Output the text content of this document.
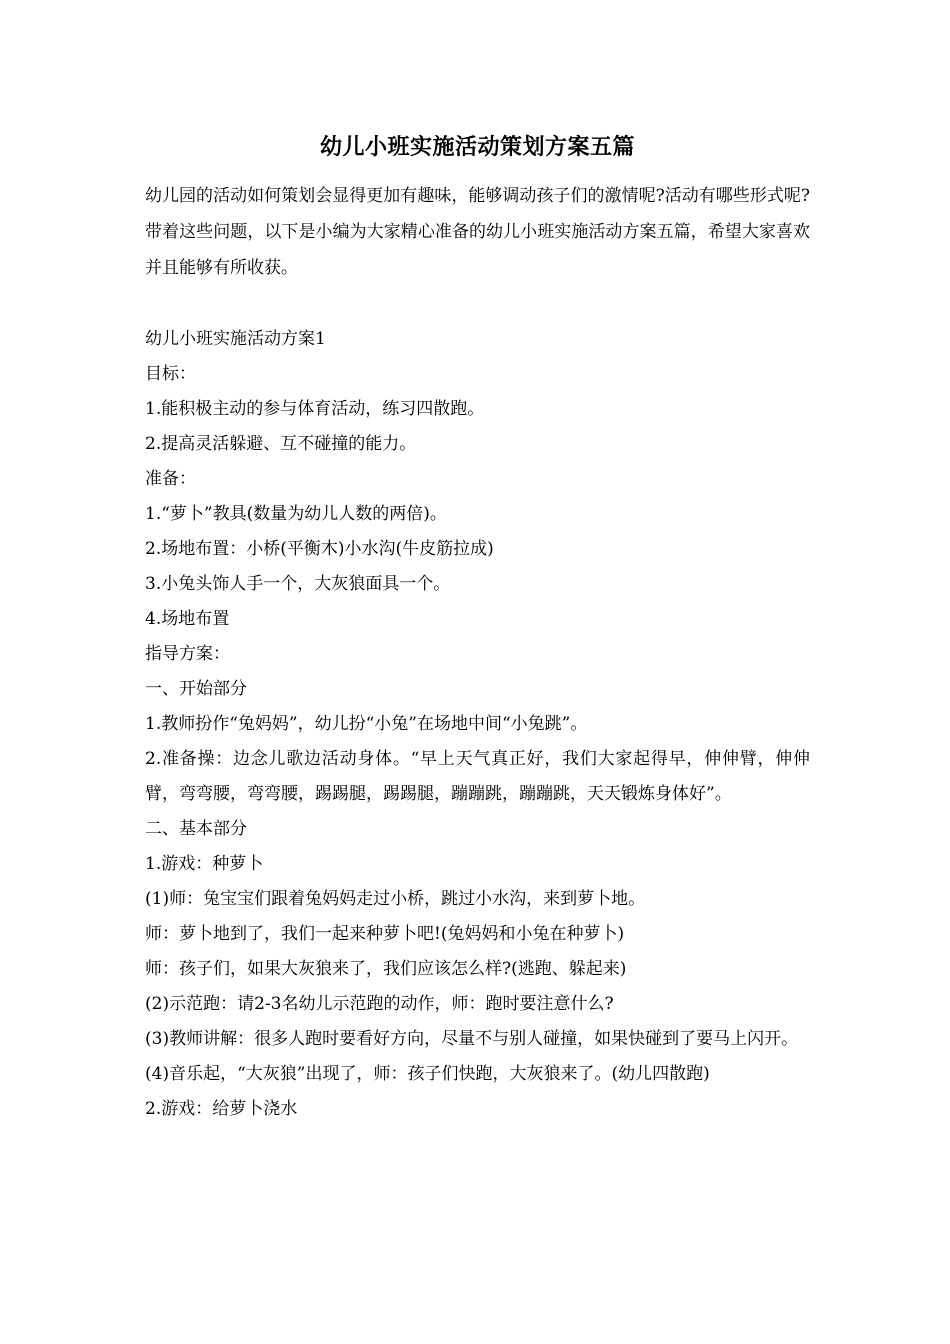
幼儿小班实施活动策划方案五篇

幼儿园的活动如何策划会显得更加有趣味，能够调动孩子们的激情呢?活动有哪些形式呢?带着这些问题，以下是小编为大家精心准备的幼儿小班实施活动方案五篇，希望大家喜欢并且能够有所收获。

幼儿小班实施活动方案1

目标：

1.能积极主动的参与体育活动，练习四散跑。

2.提高灵活躲避、互不碰撞的能力。

准备：

1.“萝卜”教具(数量为幼儿人数的两倍)。

2.场地布置：小桥(平衡木)小水沟(牛皮筋拉成)

3.小兔头饰人手一个，大灰狼面具一个。

4.场地布置

指导方案：

一、开始部分

1.教师扮作“兔妈妈”，幼儿扮“小兔”在场地中间“小兔跳”。

2.准备操：边念儿歌边活动身体。“早上天气真正好，我们大家起得早，伸伸臂，伸伸臂，弯弯腰，弯弯腰，踢踢腿，踢踢腿，蹦蹦跳，蹦蹦跳，天天锻炼身体好”。

二、基本部分

1.游戏：种萝卜

(1)师：兔宝宝们跟着兔妈妈走过小桥，跳过小水沟，来到萝卜地。

师：萝卜地到了，我们一起来种萝卜吧!(兔妈妈和小兔在种萝卜)

师：孩子们，如果大灰狼来了，我们应该怎么样?(逃跑、躲起来)

(2)示范跑：请2-3名幼儿示范跑的动作，师：跑时要注意什么?

(3)教师讲解：很多人跑时要看好方向，尽量不与别人碰撞，如果快碰到了要马上闪开。

(4)音乐起，“大灰狼”出现了，师：孩子们快跑，大灰狼来了。(幼儿四散跑)

2.游戏：给萝卜浇水
